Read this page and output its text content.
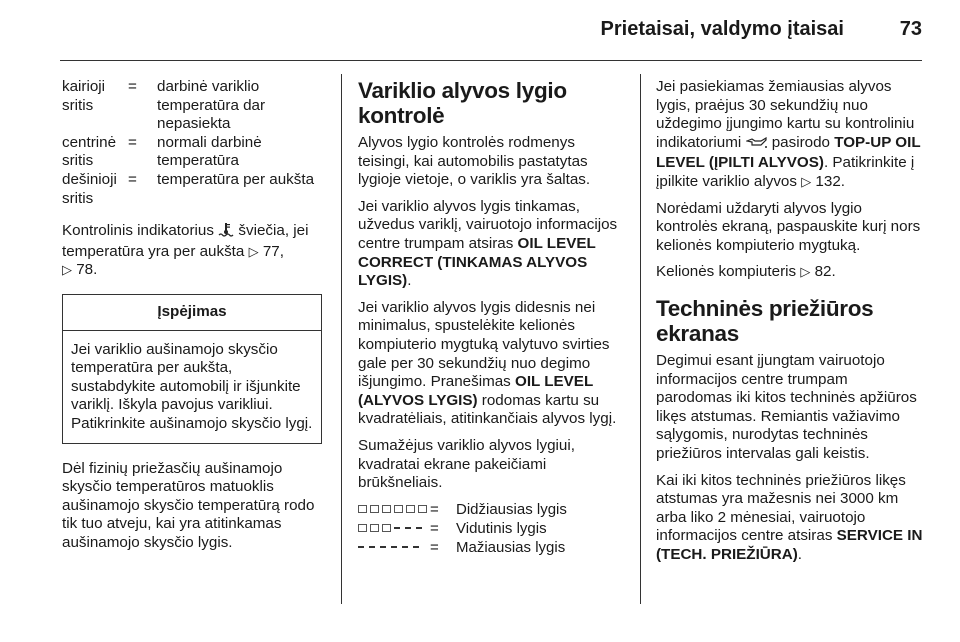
Prietaisai, valdymo įtaisai	73
kairioji sritis
=	darbinė variklio temperatūra dar nepasiekta
centrinė sritis
=	normali darbinė temperatūra
dešinioji sritis
=	temperatūra per aukšta

Kontrolinis indikatorius šviečia, jei temperatūra yra per aukšta ▷ 77,
▷ 78.

Įspėjimas
Jei variklio aušinamojo skysčio temperatūra per aukšta, sustabdykite automobilį ir išjunkite variklį. Iškyla pavojus varikliui. Patikrinkite aušinamojo skysčio lygį.

Dėl fizinių priežasčių aušinamojo skysčio temperatūros matuoklis aušinamojo skysčio temperatūrą rodo tik tuo atveju, kai yra atitinkamas aušinamojo skysčio lygis.

Variklio alyvos lygio kontrolė

Alyvos lygio kontrolės rodmenys teisingi, kai automobilis pastatytas lygioje vietoje, o variklis yra šaltas.

Jei variklio alyvos lygis tinkamas, užvedus variklį, vairuotojo informacijos centre trumpam atsiras OIL LEVEL CORRECT (TINKAMAS ALYVOS LYGIS).

Jei variklio alyvos lygis didesnis nei minimalus, spustelėkite kelionės kompiuterio mygtuką valytuvo svirties gale per 30 sekundžių nuo degimo išjungimo. Pranešimas OIL LEVEL (ALYVOS LYGIS) rodomas kartu su kvadratėliais, atitinkančiais alyvos lygį.

Sumažėjus variklio alyvos lygiui, kvadratai ekrane pakeičiami brūkšneliais.

=	Didžiausias lygis
=	Vidutinis lygis
=	Mažiausias lygis

Jei pasiekiamas žemiausias alyvos lygis, praėjus 30 sekundžių nuo uždegimo įjungimo kartu su kontroliniu indikatoriumi pasirodo TOP-UP OIL LEVEL (ĮPILTI ALYVOS). Patikrinkite į įpilkite variklio alyvos ▷ 132.

Norėdami uždaryti alyvos lygio kontrolės ekraną, paspauskite kurį nors kelionės kompiuterio mygtuką.

Kelionės kompiuteris ▷ 82.

Techninės priežiūros ekranas

Degimui esant įjungtam vairuotojo informacijos centre trumpam parodomas iki kitos techninės apžiūros likęs atstumas. Remiantis važiavimo sąlygomis, nurodytas techninės priežiūros intervalas gali keistis.

Kai iki kitos techninės priežiūros likęs atstumas yra mažesnis nei 3000 km arba liko 2 mėnesiai, vairuotojo informacijos centre atsiras SERVICE IN (TECH. PRIEŽIŪRA).
